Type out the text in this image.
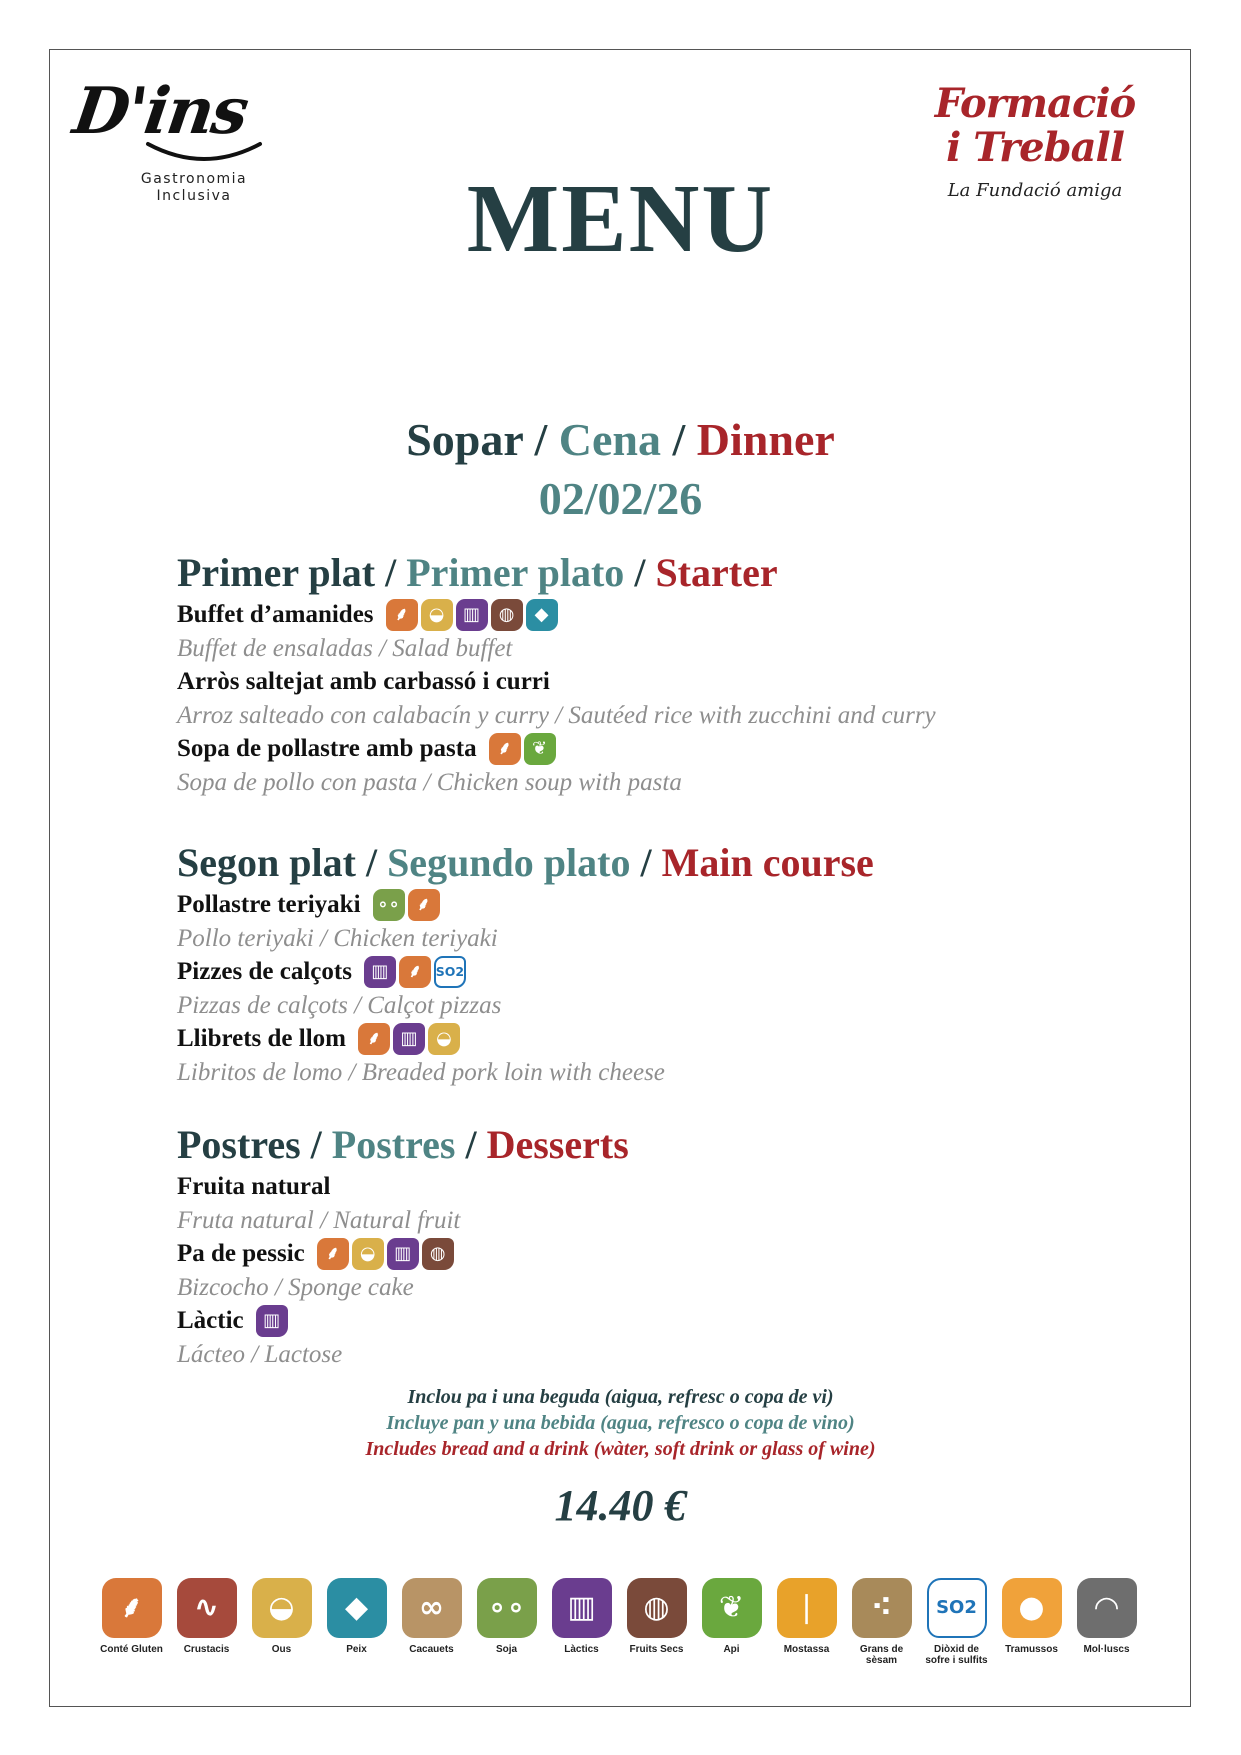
D'ins
Gastronomia
Inclusiva
Formació
i Treball
La Fundació amiga
MENU
Sopar / Cena / Dinner
02/02/26
Primer plat / Primer plato / Starter
Buffet d’amanides	⸙	◒	▥	◍	◆
Buffet de ensaladas / Salad buffet
Arròs saltejat amb carbassó i curri
Arroz salteado con calabacín y curry / Sautéed rice with zucchini and curry
Sopa de pollastre amb pasta	⸙	❦
Sopa de pollo con pasta / Chicken soup with pasta
Segon plat / Segundo plato / Main course
Pollastre teriyaki ∘∘ ⸙
Pollo teriyaki / Chicken teriyaki
Pizzes de calçots	▥	⸙	SO2
Pizzas de calçots / Calçot pizzas
Llibrets de llom	⸙	▥	◒
Libritos de lomo / Breaded pork loin with cheese
Postres / Postres / Desserts
Fruita natural
Fruta natural / Natural fruit
Pa de pessic	⸙	◒	▥	◍
Bizcocho / Sponge cake
Làctic	▥
Lácteo / Lactose
Inclou pa i una beguda (aigua, refresc o copa de vi)
Incluye pan y una bebida (agua, refresco o copa de vino)
Includes bread and a drink (wàter, soft drink or glass of wine)
14.40 €
⸙
Conté Gluten
∿
Crustacis
◒
Ous
◆
Peix
∞
Cacauets
∘∘
Soja
▥
Làctics
◍
Fruits Secs
❦
Api
❘
Mostassa
⁖
Grans de sèsam
SO2
Diòxid de sofre i sulfits
●
Tramussos
◠
Mol·luscs
